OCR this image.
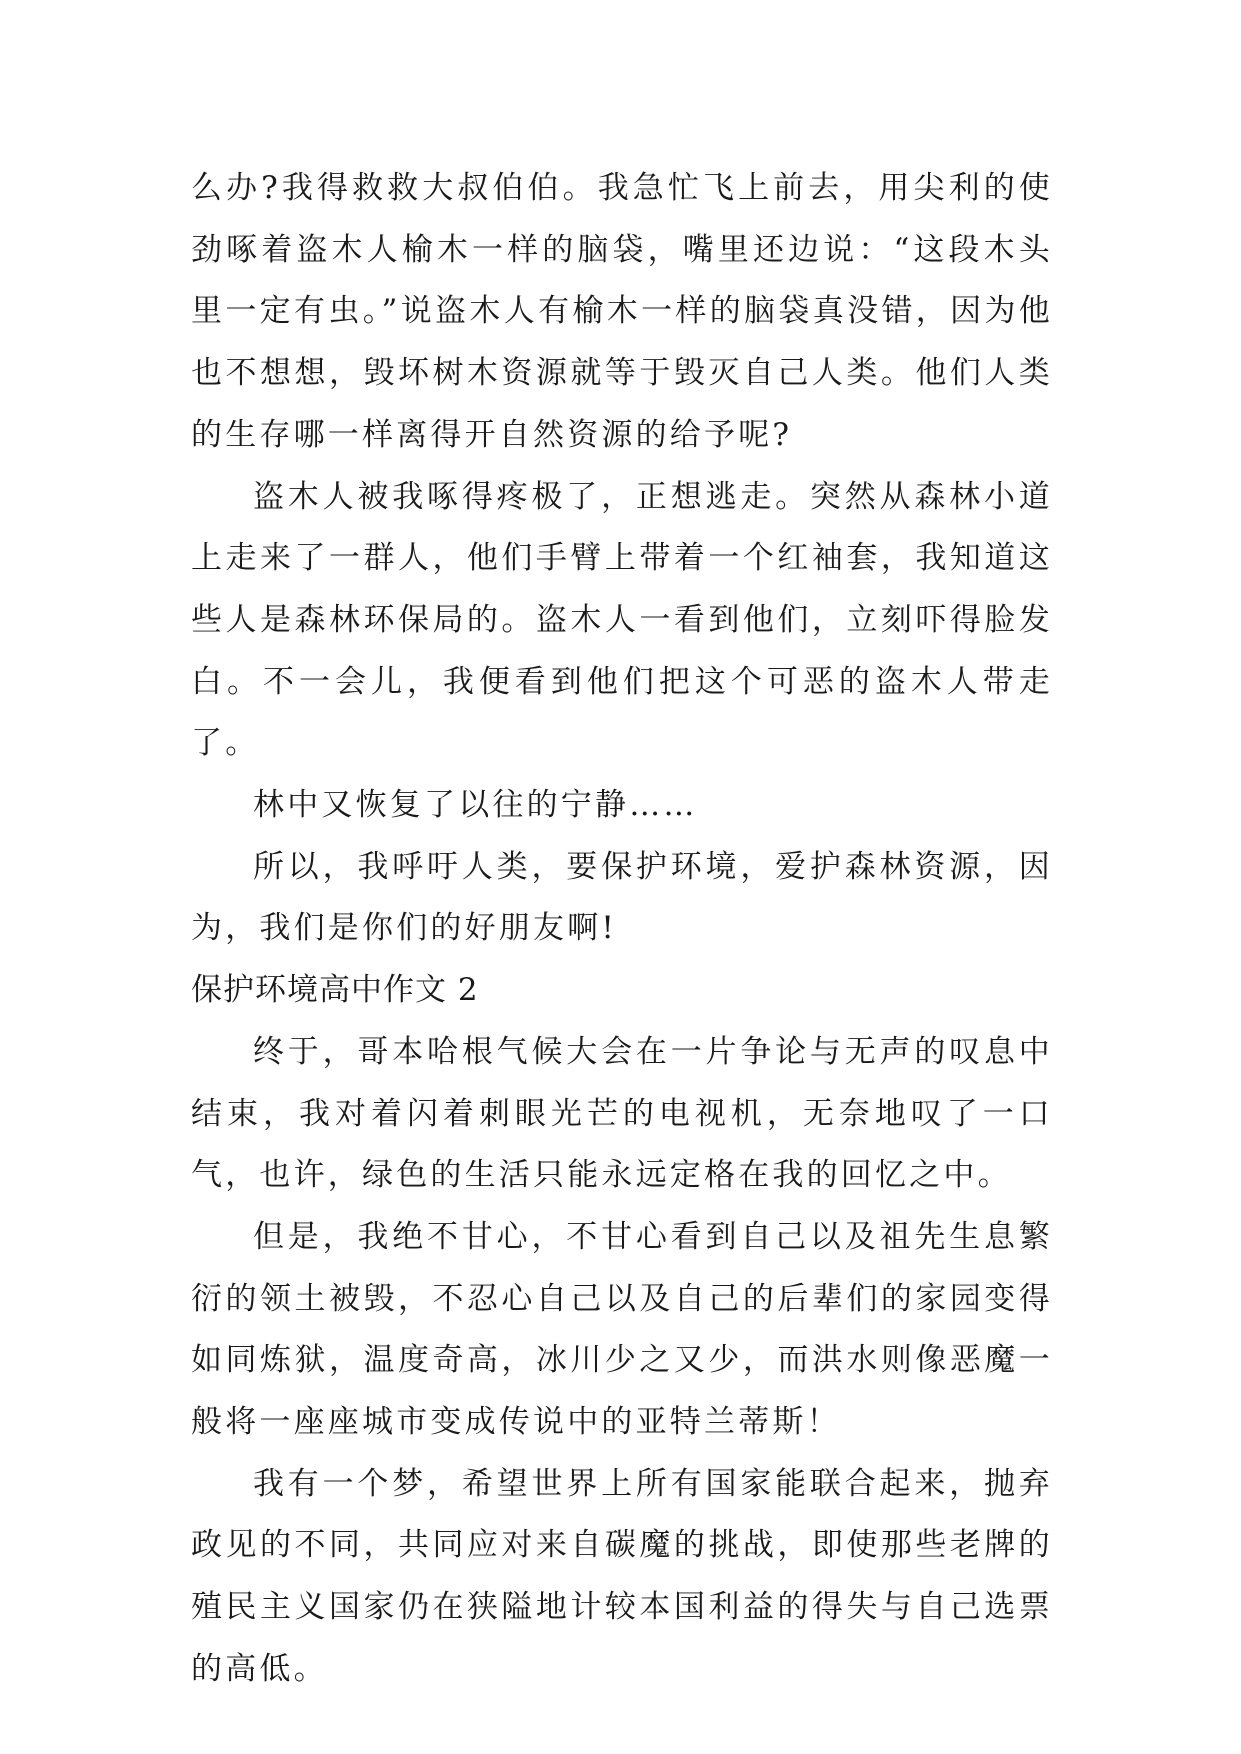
么办?我得救救大叔伯伯。我急忙飞上前去，用尖利的使劲啄着盗木人榆木一样的脑袋，嘴里还边说：“这段木头里一定有虫。”说盗木人有榆木一样的脑袋真没错，因为他也不想想，毁坏树木资源就等于毁灭自己人类。他们人类的生存哪一样离得开自然资源的给予呢?

盗木人被我啄得疼极了，正想逃走。突然从森林小道上走来了一群人，他们手臂上带着一个红袖套，我知道这些人是森林环保局的。盗木人一看到他们，立刻吓得脸发白。不一会儿，我便看到他们把这个可恶的盗木人带走了。

林中又恢复了以往的宁静……

所以，我呼吁人类，要保护环境，爱护森林资源，因为，我们是你们的好朋友啊!

保护环境高中作文 2

终于，哥本哈根气候大会在一片争论与无声的叹息中结束，我对着闪着刺眼光芒的电视机，无奈地叹了一口气，也许，绿色的生活只能永远定格在我的回忆之中。

但是，我绝不甘心，不甘心看到自己以及祖先生息繁衍的领土被毁，不忍心自己以及自己的后辈们的家园变得如同炼狱，温度奇高，冰川少之又少，而洪水则像恶魔一般将一座座城市变成传说中的亚特兰蒂斯！

我有一个梦，希望世界上所有国家能联合起来，抛弃政见的不同，共同应对来自碳魔的挑战，即使那些老牌的殖民主义国家仍在狭隘地计较本国利益的得失与自己选票的高低。
